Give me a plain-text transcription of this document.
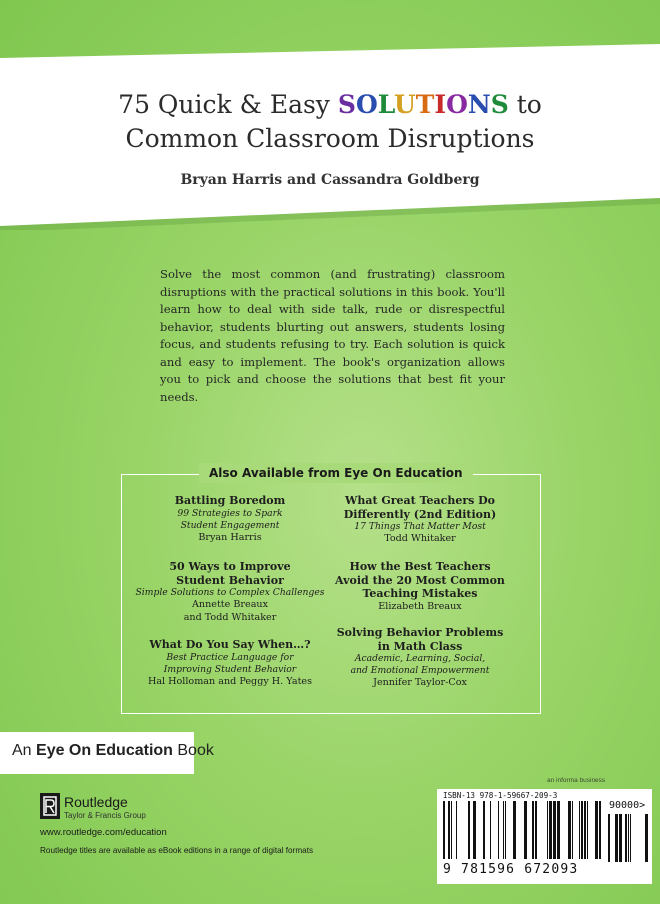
75 Quick & Easy SOLUTIONS to
Common Classroom Disruptions
Bryan Harris and Cassandra Goldberg

Solve the most common (and frustrating) classroom disruptions with the practical solutions in this book. You'll learn how to deal with side talk, rude or disrespectful behavior, students blurting out answers, students losing focus, and students refusing to try. Each solution is quick and easy to implement. The book's organization allows you to pick and choose the solutions that best fit your needs.

Also Available from Eye On Education
Battling Boredom
99 Strategies to Spark
Student Engagement
Bryan Harris
50 Ways to Improve
Student Behavior
Simple Solutions to Complex Challenges
Annette Breaux
and Todd Whitaker
What Do You Say When…?
Best Practice Language for
Improving Student Behavior
Hal Holloman and Peggy H. Yates
What Great Teachers Do
Differently (2nd Edition)
17 Things That Matter Most
Todd Whitaker
How the Best Teachers
Avoid the 20 Most Common
Teaching Mistakes
Elizabeth Breaux
Solving Behavior Problems
in Math Class
Academic, Learning, Social,
and Emotional Empowerment
Jennifer Taylor-Cox
An Eye On Education Book
Routledge
Taylor & Francis Group
www.routledge.com/education
Routledge titles are available as eBook editions in a range of digital formats
an informa business
ISBN-13 978-1-59667-209-3
90000>
9 781596 672093
